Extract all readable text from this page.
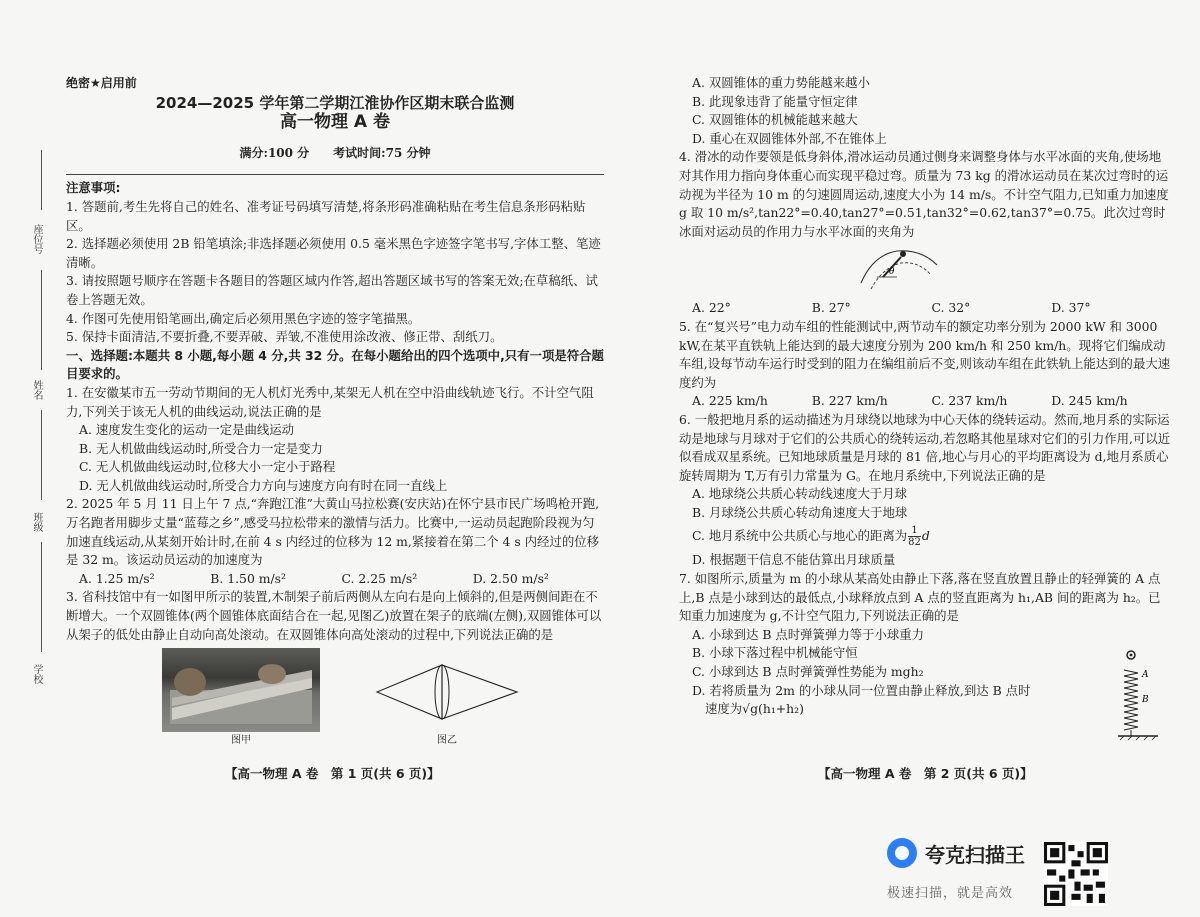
座位号
姓名
班级
学校

绝密★启用前

2024—2025 学年第二学期江淮协作区期末联合监测

高一物理 A 卷

满分:100 分　　考试时间:75 分钟

注意事项:

1. 答题前,考生先将自己的姓名、准考证号码填写清楚,将条形码准确粘贴在考生信息条形码粘贴区。

2. 选择题必须使用 2B 铅笔填涂;非选择题必须使用 0.5 毫米黑色字迹签字笔书写,字体工整、笔迹清晰。

3. 请按照题号顺序在答题卡各题目的答题区域内作答,超出答题区域书写的答案无效;在草稿纸、试卷上答题无效。

4. 作图可先使用铅笔画出,确定后必须用黑色字迹的签字笔描黑。

5. 保持卡面清洁,不要折叠,不要弄破、弄皱,不准使用涂改液、修正带、刮纸刀。

一、选择题:本题共 8 小题,每小题 4 分,共 32 分。在每小题给出的四个选项中,只有一项是符合题目要求的。

1. 在安徽某市五一劳动节期间的无人机灯光秀中,某架无人机在空中沿曲线轨迹飞行。不计空气阻力,下列关于该无人机的曲线运动,说法正确的是

A. 速度发生变化的运动一定是曲线运动

B. 无人机做曲线运动时,所受合力一定是变力

C. 无人机做曲线运动时,位移大小一定小于路程

D. 无人机做曲线运动时,所受合力方向与速度方向有时在同一直线上

2. 2025 年 5 月 11 日上午 7 点,“奔跑江淮”大黄山马拉松赛(安庆站)在怀宁县市民广场鸣枪开跑,万名跑者用脚步丈量“蓝莓之乡”,感受马拉松带来的激情与活力。比赛中,一运动员起跑阶段视为匀加速直线运动,从某刻开始计时,在前 4 s 内经过的位移为 12 m,紧接着在第二个 4 s 内经过的位移是 32 m。该运动员运动的加速度为

A. 1.25 m/s²	B. 1.50 m/s²	C. 2.25 m/s²	D. 2.50 m/s²

3. 省科技馆中有一如图甲所示的装置,木制架子前后两侧从左向右是向上倾斜的,但是两侧间距在不断增大。一个双圆锥体(两个圆锥体底面结合在一起,见图乙)放置在架子的底端(左侧),双圆锥体可以从架子的低处由静止自动向高处滚动。在双圆锥体向高处滚动的过程中,下列说法正确的是

图甲	图乙
【高一物理 A 卷　第 1 页(共 6 页)】

A. 双圆锥体的重力势能越来越小

B. 此现象违背了能量守恒定律

C. 双圆锥体的机械能越来越大

D. 重心在双圆锥体外部,不在锥体上

4. 滑冰的动作要领是低身斜体,滑冰运动员通过侧身来调整身体与水平冰面的夹角,使场地对其作用力指向身体重心而实现平稳过弯。质量为 73 kg 的滑冰运动员在某次过弯时的运动视为半径为 10 m 的匀速圆周运动,速度大小为 14 m/s。不计空气阻力,已知重力加速度 g 取 10 m/s²,tan22°=0.40,tan27°=0.51,tan32°=0.62,tan37°=0.75。此次过弯时冰面对运动员的作用力与水平冰面的夹角为

θ
A. 22°	B. 27°	C. 32°	D. 37°

5. 在“复兴号”电力动车组的性能测试中,两节动车的额定功率分别为 2000 kW 和 3000 kW,在某平直铁轨上能达到的最大速度分别为 200 km/h 和 250 km/h。现将它们编成动车组,设每节动车运行时受到的阻力在编组前后不变,则该动车组在此铁轨上能达到的最大速度约为

A. 225 km/h	B. 227 km/h	C. 237 km/h	D. 245 km/h

6. 一般把地月系的运动描述为月球绕以地球为中心天体的绕转运动。然而,地月系的实际运动是地球与月球对于它们的公共质心的绕转运动,若忽略其他星球对它们的引力作用,可以近似看成双星系统。已知地球质量是月球的 81 倍,地心与月心的平均距离设为 d,地月系质心旋转周期为 T,万有引力常量为 G。在地月系统中,下列说法正确的是

A. 地球绕公共质心转动线速度大于月球

B. 月球绕公共质心转动角速度大于地球

C. 地月系统中公共质心与地心的距离为 $\frac{1}{82}$ d

D. 根据题干信息不能估算出月球质量

7. 如图所示,质量为 m 的小球从某高处由静止下落,落在竖直放置且静止的轻弹簧的 A 点上,B 点是小球到达的最低点,小球释放点到 A 点的竖直距离为 h₁,AB 间的距离为 h₂。已知重力加速度为 g,不计空气阻力,下列说法正确的是

A. 小球到达 B 点时弹簧弹力等于小球重力

B. 小球下落过程中机械能守恒

C. 小球到达 B 点时弹簧弹性势能为 mgh₂

D. 若将质量为 2m 的小球从同一位置由静止释放,到达 B 点时

速度为√g(h₁+h₂)

A
B
【高一物理 A 卷　第 2 页(共 6 页)】
夸克扫描王
极速扫描，就是高效
